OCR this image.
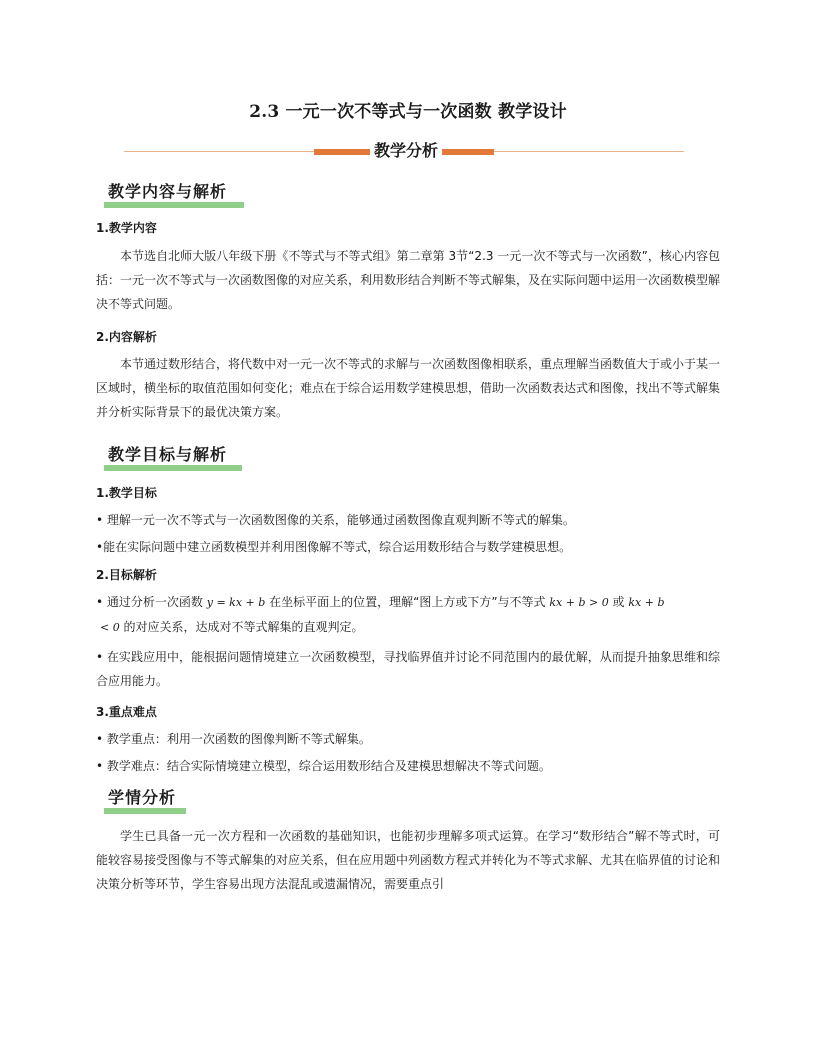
2.3 一元一次不等式与一次函数 教学设计
教学分析
教学内容与解析
1.教学内容

本节选自北师大版八年级下册《不等式与不等式组》第二章第 3节“2.3 一元一次不等式与一次函数”，核心内容包括：一元一次不等式与一次函数图像的对应关系，利用数形结合判断不等式解集，及在实际问题中运用一次函数模型解决不等式问题。

2.内容解析

本节通过数形结合，将代数中对一元一次不等式的求解与一次函数图像相联系，重点理解当函数值大于或小于某一区域时，横坐标的取值范围如何变化；难点在于综合运用数学建模思想，借助一次函数表达式和图像，找出不等式解集并分析实际背景下的最优决策方案。

教学目标与解析
1.教学目标

• 理解一元一次不等式与一次函数图像的关系，能够通过函数图像直观判断不等式的解集。

•能在实际问题中建立函数模型并利用图像解不等式，综合运用数形结合与数学建模思想。

2.目标解析

• 通过分析一次函数 y = kx + b 在坐标平面上的位置，理解“图上方或下方”与不等式 kx + b > 0 或 kx + b
< 0 的对应关系，达成对不等式解集的直观判定。

• 在实践应用中，能根据问题情境建立一次函数模型，寻找临界值并讨论不同范围内的最优解，从而提升抽象思维和综合应用能力。

3.重点难点

• 教学重点：利用一次函数的图像判断不等式解集。

• 教学难点：结合实际情境建立模型，综合运用数形结合及建模思想解决不等式问题。

学情分析

学生已具备一元一次方程和一次函数的基础知识，也能初步理解多项式运算。在学习“数形结合”解不等式时，可能较容易接受图像与不等式解集的对应关系，但在应用题中列函数方程式并转化为不等式求解、尤其在临界值的讨论和决策分析等环节，学生容易出现方法混乱或遗漏情况，需要重点引
